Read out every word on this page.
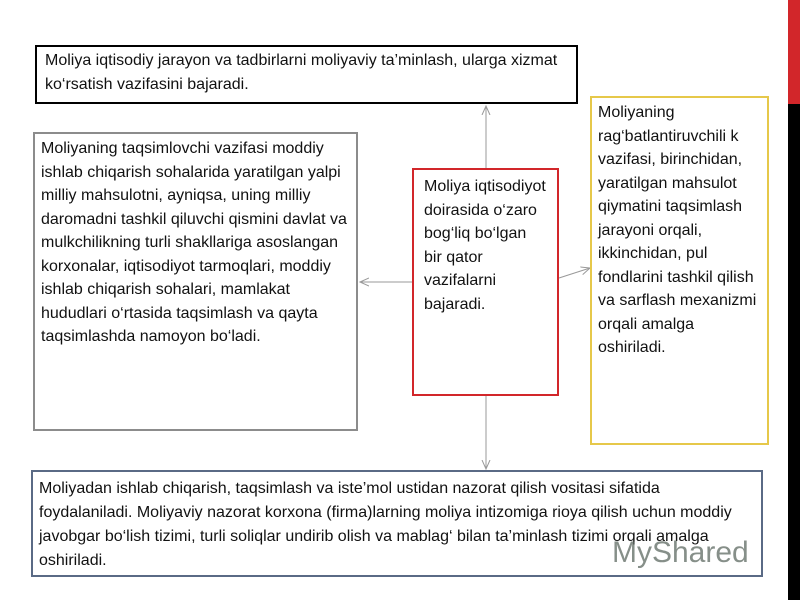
Moliya iqtisodiy jarayon va tadbirlarni moliyaviy ta’minlash, ularga xizmat ko‘rsatish vazifasini bajaradi.
Moliyaning taqsimlovchi vazifasi moddiy ishlab chiqarish sohalarida yaratilgan yalpi milliy mahsulotni, ayniqsa, uning milliy daromadni tashkil qiluvchi qismini davlat va mulkchilikning turli shakllariga asoslangan korxonalar, iqtisodiyot tarmoqlari, moddiy ishlab chiqarish sohalari, mamlakat hududlari o‘rtasida taqsimlash va qayta taqsimlashda namoyon bo‘ladi.
Moliya iqtisodiyot doirasida o‘zaro bog‘liq bo‘lgan bir qator vazifalarni bajaradi.
Moliyaning rag‘batlantiruvchili k vazifasi, birinchidan, yaratilgan mahsulot qiymatini taqsimlash jarayoni orqali, ikkinchidan, pul fondlarini tashkil qilish va sarflash mexanizmi orqali amalga oshiriladi.
Moliyadan ishlab chiqarish, taqsimlash va iste’mol ustidan nazorat qilish vositasi sifatida foydalaniladi. Moliyaviy nazorat korxona (firma)larning moliya intizomiga rioya qilish uchun moddiy javobgar bo‘lish tizimi, turli soliqlar undirib olish va mablag‘ bilan ta’minlash tizimi orqali amalga oshiriladi.	MyShared
